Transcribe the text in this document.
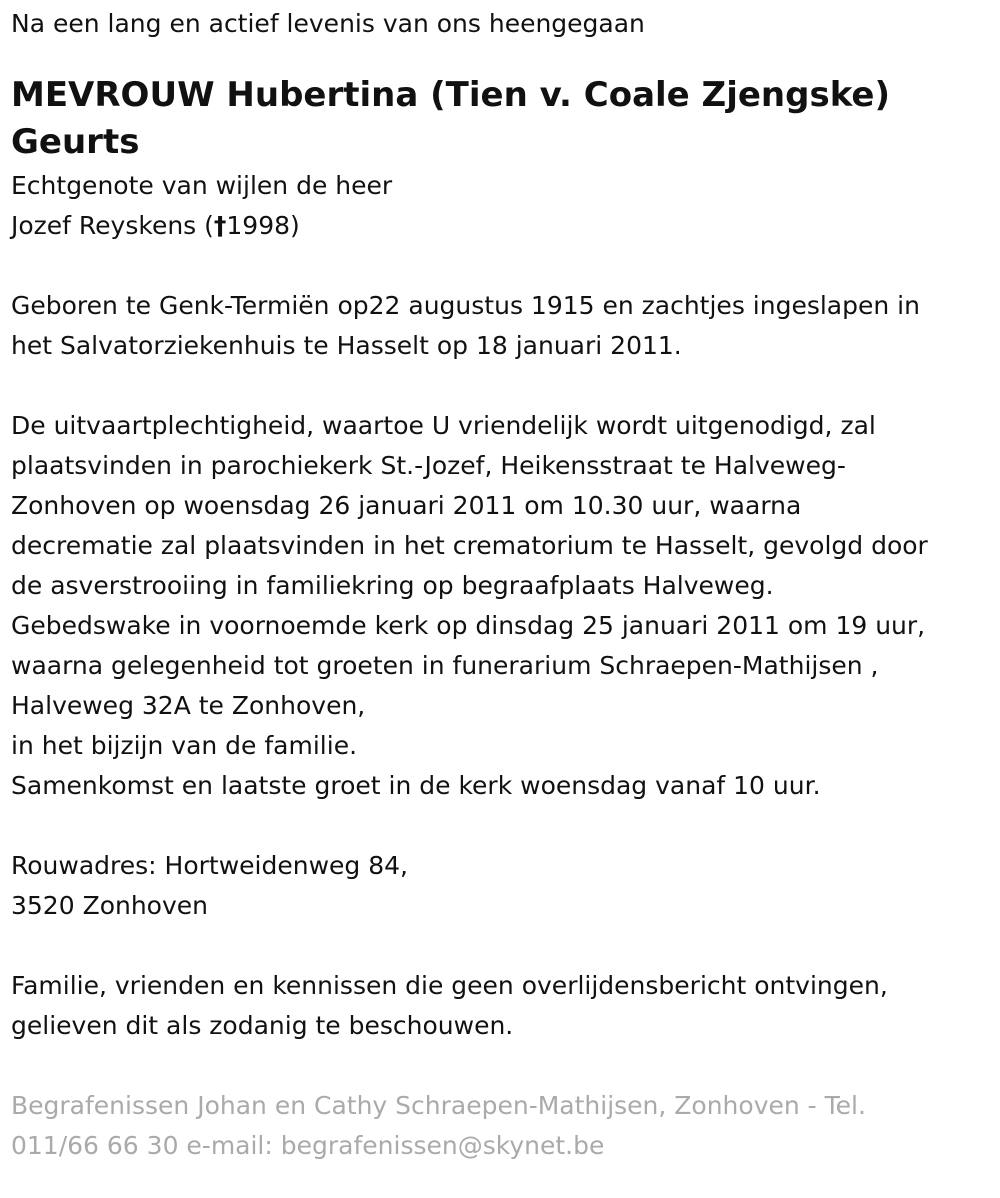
Na een lang en actief levenis van ons heengegaan

MEVROUW Hubertina (Tien v. Coale Zjengske)
Geurts
Echtgenote van wijlen de heer
Jozef Reyskens (†1998)
Geboren te Genk-Termiën op22 augustus 1915 en zachtjes ingeslapen in
het Salvatorziekenhuis te Hasselt op 18 januari 2011.
De uitvaartplechtigheid, waartoe U vriendelijk wordt uitgenodigd, zal
plaatsvinden in parochiekerk St.-Jozef, Heikensstraat te Halveweg-
Zonhoven op woensdag 26 januari 2011 om 10.30 uur, waarna
decrematie zal plaatsvinden in het crematorium te Hasselt, gevolgd door
de asverstrooiing in familiekring op begraafplaats Halveweg.
Gebedswake in voornoemde kerk op dinsdag 25 januari 2011 om 19 uur,
waarna gelegenheid tot groeten in funerarium Schraepen-Mathijsen ,
Halveweg 32A te Zonhoven,
in het bijzijn van de familie.
Samenkomst en laatste groet in de kerk woensdag vanaf 10 uur.
Rouwadres: Hortweidenweg 84,
3520 Zonhoven
Familie, vrienden en kennissen die geen overlijdensbericht ontvingen,
gelieven dit als zodanig te beschouwen.
Begrafenissen Johan en Cathy Schraepen-Mathijsen, Zonhoven - Tel.
011/66 66 30 e-mail: begrafenissen@skynet.be
